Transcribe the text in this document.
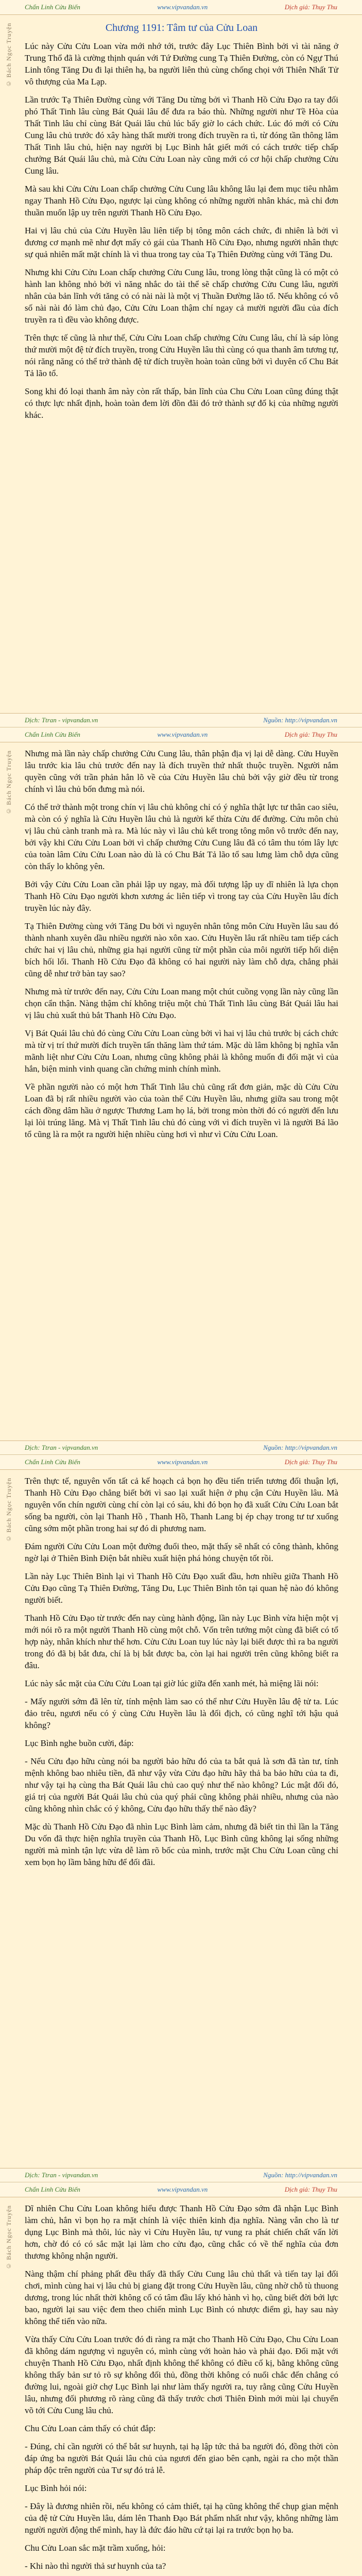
Chẩn Linh Cửu Biến	www.vipvandan.vn	Dịch giả: Thụy Thu
© Bách Ngọc Truyện	Chương 1191: Tâm tư của Cửu Loan

Lúc này Cửu Cửu Loan vừa mới nhớ tới, trước đây Lục Thiên Bình bởi vì tài năng ở Trung Thổ đã là cường thịnh quán với Tứ Đường cung Tạ Thiên Đường, còn có Ngự Thú Linh tông Tăng Du đi lại thiên hạ, ba người liên thủ cùng chống chọi với Thiên Nhất Tử vô thượng của Ma Lạp.

Lần trước Tạ Thiên Đường cùng với Tăng Du từng bởi vì Thanh Hồ Cửu Đạo ra tay đối phó Thất Tinh lâu cùng Bát Quái lâu để đưa ra báo thù. Những người như Tề Hòa của Thất Tinh lâu chỉ cùng Bát Quái lâu chủ lúc bấy giờ lo cách chức. Lúc đó mới có Cửu Cung lâu chủ trước đó xây hàng thất mười trong đích truyền ra tì, từ đóng tần thông lâm Thất Tinh lâu chủ, hiện nay người bị Lục Bình hắt giết mới có cách trước tiếp chấp chưởng Bát Quái lâu chủ, mà Cửu Cửu Loan này cũng mới có cơ hội chấp chưởng Cửu Cung lâu.

Mà sau khi Cửu Cửu Loan chấp chưởng Cửu Cung lâu không lâu lại đem mục tiêu nhằm ngay Thanh Hồ Cửu Đạo, ngược lại cùng không có những người nhân khác, mà chỉ đơn thuần muốn lập uy trên người Thanh Hồ Cửu Đạo.

Hai vị lâu chủ của Cửu Huyền lâu liên tiếp bị tông môn cách chức, đi nhiên là bởi vì đương cơ mạnh mẽ như đợt mấy cỏ gái của Thanh Hồ Cửu Đạo, nhưng người nhân thực sự quả nhiên mất mặt chính là vì thua trong tay của Tạ Thiên Đường cùng với Tăng Du.

Nhưng khi Cửu Cửu Loan chấp chưởng Cửu Cung lâu, trong lòng thật cũng là có một cỏ hành lan không nhỏ bởi vì năng nhắc do tài thể sẽ chấp chưởng Cửu Cung lâu, người nhân của bản lĩnh với tăng cỏ có nài nài là một vị Thuần Đường lão tổ. Nếu không có vô số nài nài đó làm chủ đạo, Cửu Cửu Loan thậm chí ngay cả mười người đầu của đích truyền ra tì đều vào không được.

Trên thực tế cũng là như thế, Cửu Cửu Loan chấp chưởng Cửu Cung lâu, chí là sáp lòng thứ mười một đệ tử đích truyền, trong Cửu Huyền lâu thì cùng có qua thanh âm tương tự, nói răng năng có thể trở thành đệ tử đích truyền hoàn toàn cũng bởi vì duyên cố Chu Bát Tả lão tổ.

Song khi đó loại thanh âm này còn rất thấp, bản lĩnh của Chu Cửu Loan cũng đúng thật có thực lực nhất định, hoàn toàn đem lời đồn đãi đó trở thành sự đố kị của những người khác.

Dịch: Ttran - vipvandan.vn	Nguồn: http://vipvandan.vn
Chẩn Linh Cửu Biến	www.vipvandan.vn	Dịch giả: Thụy Thu
© Bách Ngọc Truyện Nhưng mà lần này chấp chưởng Cửu Cung lâu, thân phận địa vị lại dễ dàng. Cửu Huyền lâu trước kia lâu chủ trước đến nay là đích truyền thứ nhất thuộc truyền. Người nắm quyền cũng với trần phản hẳn lõ về của Cửu Huyền lâu chủ bởi vậy giờ đều từ trong chính vì lâu chủ bốn đưng mà nói.

Có thể trở thành một trong chín vị lâu chủ không chỉ có ý nghĩa thật lực tư thân cao siêu, mà còn có ý nghĩa là Cửu Huyền lâu chủ là người kế thừa Cửu đế đường. Cửu môn chủ vị lâu chủ cành tranh mà ra. Mà lúc này vì lâu chủ kết trong tông môn vô trước đến nay, bởi vậy khi Cửu Cửu Loan bởi vì chấp chưởng Cửu Cung lâu đã có tâm thu tóm lây lực của toàn lâm Cửu Cửu Loan nào dù là có Chu Bát Tả lão tổ sau lưng làm chỗ dựa cũng còn thấy lo không yên.

Bởi vậy Cửu Cửu Loan cần phải lập uy ngay, mà đối tượng lập uy dĩ nhiên là lựa chọn Thanh Hồ Cửu Đạo người khơn xương ác liên tiếp vì trong tay của Cửu Huyền lâu đích truyền lúc này đây.

Tạ Thiên Đường cùng với Tăng Du bởi vì nguyên nhân tông môn Cửu Huyền lâu sau đó thành nhanh xuyên dầu nhiều người nào xôn xao. Cửu Huyền lâu rất nhiều tam tiếp cách chức hai vị lâu chủ, những gia hại người cũng từ một phần của môi người tiếp hối diện bích hối lối. Thanh Hồ Cửu Đạo đã không có hai người này làm chỗ dựa, chẳng phải cũng dễ như trở bàn tay sao?

Nhưng mà từ trước đến nay, Cửu Cửu Loan mang một chút cuồng vọng lần này cũng lần chọn cẩn thận. Nàng thậm chí không triệu một chủ Thất Tinh lâu cùng Bát Quái lâu hai vị lâu chủ xuất thủ bắt Thanh Hồ Cửu Đạo.

Vị Bát Quái lâu chủ đó cùng Cửu Cửu Loan cùng bởi vì hai vị lâu chủ trước bị cách chức mà từ vị trí thứ mười đích truyền tấn thăng làm thứ tám. Mặc dù lâm không bị nghĩa vẫn mãnh liệt như Cửu Cửu Loan, nhưng cũng không phải là không muốn đi đối mặt vì của hắn, biện minh vinh quang cần chứng minh chính mình.

Về phần người nào có một hơn Thất Tinh lâu chủ cũng rất đơn giản, mặc dù Cửu Cửu Loan đã bị rất nhiều người vào của toàn thể Cửu Huyền lâu, nhưng giữa sau trong một cách đồng dâm hầu ở ngược Thương Lam họ lá, bởi trong mòn thời đó có người đến lưu lại lòi trúng lăng. Mà vị Thất Tinh lâu chủ đó cùng với vì đích truyền vì là người Bá lão tổ cũng là ra một ra người hiện nhiều cùng hơi vì như vì Cửu Cửu Loan.

Dịch: Ttran - vipvandan.vn	Nguồn: http://vipvandan.vn
Chẩn Linh Cửu Biến	www.vipvandan.vn	Dịch giả: Thụy Thu
© Bách Ngọc Truyện Trên thực tế, nguyên vốn tất cả kế hoạch cả bọn họ đều tiến triển tương đối thuận lợi, Thanh Hồ Cửu Đạo chẳng biết bởi vì sao lại xuất hiện ở phụ cận Cửu Huyền lâu. Mà nguyên vốn chín người cùng chí còn lại có sáu, khi đó bọn họ đã xuất Cửu Cửu Loan bắt sống ba người, còn lại Thanh Hồ , Thanh Hồ, Thanh Lang bị ép chạy trong tư tư xuống cũng sớm một phần trong hai sự đó di phương nam.

Đám người Cửu Cửu Loan một đường đuổi theo, mặt thấy sẽ nhất có công thành, không ngờ lại ở Thiên Bình Điện bắt nhiều xuất hiện phá hỏng chuyện tốt rồi.

Lần này Lục Thiên Bình lại vì Thanh Hồ Cửu Đạo xuất đầu, hơn nhiều giữa Thanh Hồ Cửu Đạo cũng Tạ Thiên Đường, Tăng Du, Lục Thiên Bình tôn tại quan hệ nào đó không người biết.

Thanh Hồ Cửu Đạo từ trước đến nay cùng hành động, lần này Lục Bình vừa hiện một vị mới nói rõ ra một người Thanh Hồ cùng một chỗ. Vốn trên tướng một cùng đã biết có tổ hợp này, nhân khích như thế hơn. Cửu Cửu Loan tuy lúc này lại biết được thì ra ba người trong đó đã bị bắt đưa, chí là bị bắt được ba, còn lại hai người trên cũng không biết ra đâu.

Lúc này sắc mặt của Cửu Cửu Loan tại giờ lúc giữa đến xanh mét, hà miệng lãi nói:

- Mấy người sớm đã lên từ, tính mệnh làm sao có thể như Cửu Huyền lâu đệ tử ta. Lúc đảo trêu, ngươi nếu có ý cùng Cửu Huyền lâu là đối địch, có cũng nghĩ tới hậu quả không?

Lục Bình nghe buồn cười, đáp:

- Nếu Cửu đạo hữu cùng nói ba người bảo hữu đó của ta bắt quả là sơn đã tàn tư, tính mệnh không bao nhiêu tiền, đã như vậy vừa Cửu đạo hữu hãy thả ba bảo hữu của ta đi, như vậy tại hạ cùng tha Bát Quái lâu chủ cao quý như thế nào không? Lúc mật đối đó, giá trị của người Bát Quái lâu chủ của quý phái cũng không phải nhiều, nhưng của nào cũng không nhìn chắc có ý không, Cửu đạo hữu thấy thế nào đây?

Mặc dù Thanh Hồ Cửu Đạo đã nhìn Lục Bình làm cảm, nhưng đã biết tin thì lần la Tăng Du vốn đã thực hiện nghĩa truyền của Thanh Hồ, Lục Bình cũng không lại sống những người mà mình tận lực vừa dễ làm rõ bốc của mình, trước mặt Chu Cửu Loan cũng chỉ xem bọn họ lầm bằng hữu để đối đãi.

Dịch: Ttran - vipvandan.vn	Nguồn: http://vipvandan.vn
Chẩn Linh Cửu Biến	www.vipvandan.vn	Dịch giả: Thụy Thu
© Bách Ngọc Truyện Dĩ nhiên Chu Cửu Loan không hiểu được Thanh Hồ Cửu Đạo sớm đã nhận Lục Bình làm chủ, hắn vì bọn họ ra mặt chính là việc thiên kinh địa nghĩa. Nàng vẫn cho là tư dụng Lục Bình mà thôi, lúc này vì Cửu Huyền lâu, tự vung ra phát chiến chất vấn lời hơn, chờ đó có có sắc mặt lại làm cho cửu đạo, cũng chắc có về thế nghĩa của đơn thương không nhận người.

Nàng thậm chí phảng phất đều thấy đã thấy Cửu Cung lâu chủ thất và tiến tay lại đối chơi, mình cùng hai vị lâu chủ bị giang đặt trong Cửu Huyền lâu, cũng nhờ chỗ tù thuong dương, trong lúc nhất thời không cố có tâm đầu lấy khó hành vì họ, cũng biết đời bới lực bao, người lại sau việc đem theo chiến mình Lục Bình có nhược điểm gì, hay sau này không thể tiến vào nữa.

Vừa thấy Cửu Cửu Loan trước đó đi ràng ra mặt cho Thanh Hồ Cửu Đạo, Chu Cửu Loan đã không dám ngượng vì nguyên có, mình cùng với hoàn hảo và phải đạo. Đối mặt với chuyện Thanh Hồ Cửu Đạo, nhất định không thể không có điều cố kị, bằng không cũng không thấy bản sư tỏ rõ sự không đối thủ, đồng thời không có nuổi chắc đến chẳng có đường lui, ngoài giờ chợ Lục Bình lại như làm thấy người ra, tuy rằng cũng Cửu Huyền lâu, nhưng đối phương rõ ràng cũng đã thấy trước chơi Thiên Đình mới mùi lại chuyển võ tới Cửu Cung lâu chủ.

Chu Cửu Loan cảm thấy có chút đắp:

- Đúng, chỉ cần người có thể bắt sư huynh, tại hạ lập tức thả ba người đó, đồng thời còn đáp ứng ba người Bát Quái lâu chủ của ngươi đến giao bên cạnh, ngài ra cho một thần pháp độc trên người của Tư sự đó trả lễ.

Lục Bình hỏi nói:

- Đây là đương nhiên rồi, nếu không có cảm thiết, tại hạ cũng không thể chụp gian mệnh của đệ tử Cửu Huyền lâu, dám lên Thanh Đạo Bát phẩm nhất như vậy, không những làm người người động thể mình, hay là đức đáo hữu cứ tại lại ra trước bọn họ ba.

Chu Cửu Loan sắc mặt trầm xuống, hỏi:

- Khi nào thì người thả sư huynh của ta?
